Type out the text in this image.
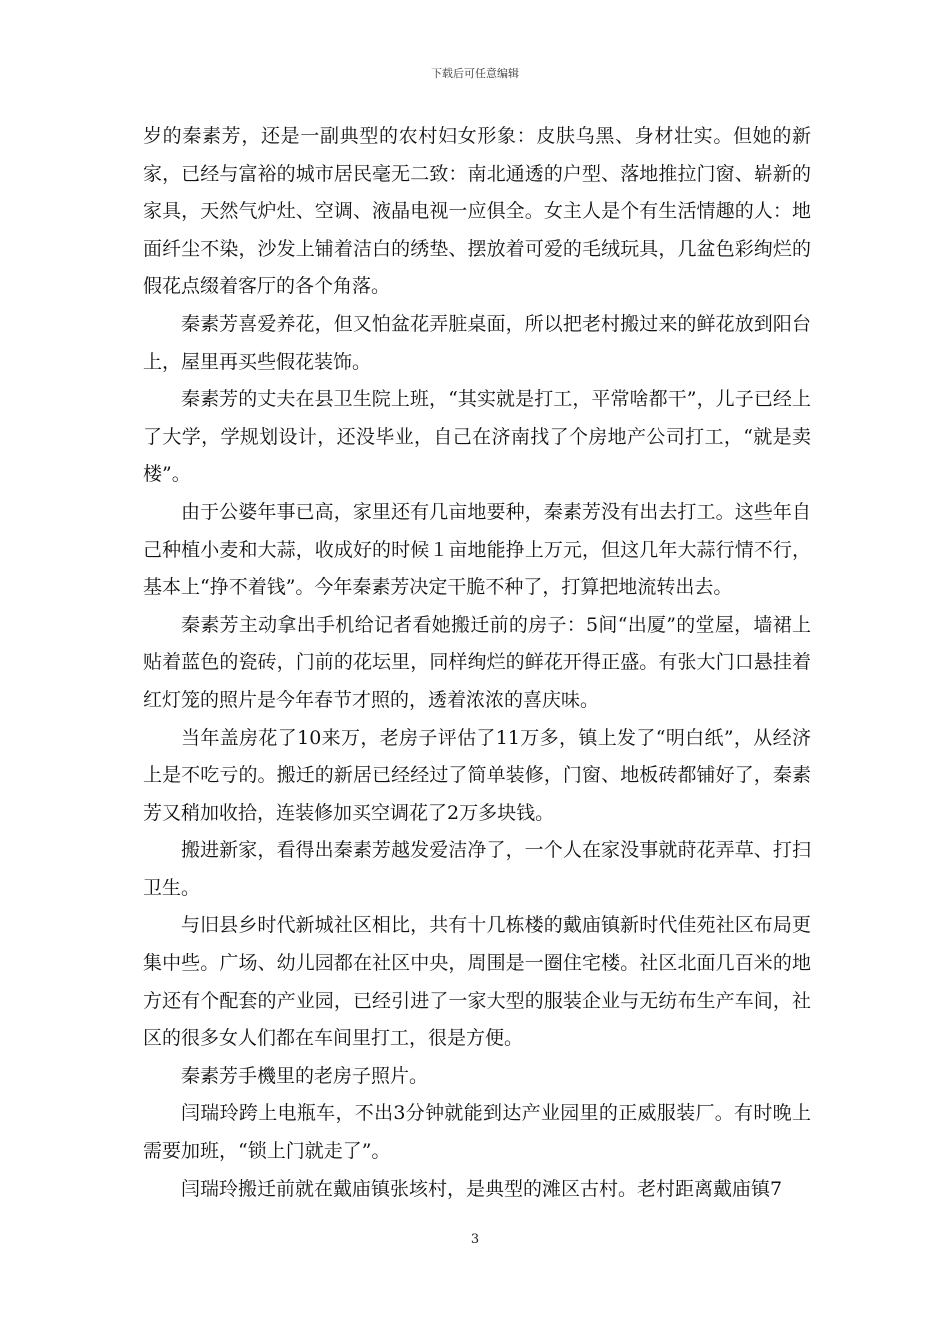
下载后可任意编辑

岁的秦素芳，还是一副典型的农村妇女形象：皮肤乌黑、身材壮实。但她的新家，已经与富裕的城市居民毫无二致：南北通透的户型、落地推拉门窗、崭新的家具，天然气炉灶、空调、液晶电视一应俱全。女主人是个有生活情趣的人：地面纤尘不染，沙发上铺着洁白的绣垫、摆放着可爱的毛绒玩具，几盆色彩绚烂的假花点缀着客厅的各个角落。

秦素芳喜爱养花，但又怕盆花弄脏桌面，所以把老村搬过来的鲜花放到阳台上，屋里再买些假花装饰。

秦素芳的丈夫在县卫生院上班，“其实就是打工，平常啥都干”，儿子已经上了大学，学规划设计，还没毕业，自己在济南找了个房地产公司打工，“就是卖楼”。

由于公婆年事已高，家里还有几亩地要种，秦素芳没有出去打工。这些年自己种植小麦和大蒜，收成好的时候１亩地能挣上万元，但这几年大蒜行情不行，基本上“挣不着钱”。今年秦素芳决定干脆不种了，打算把地流转出去。

秦素芳主动拿出手机给记者看她搬迁前的房子：5间“出厦”的堂屋，墙裙上贴着蓝色的瓷砖，门前的花坛里，同样绚烂的鲜花开得正盛。有张大门口悬挂着红灯笼的照片是今年春节才照的，透着浓浓的喜庆味。

当年盖房花了10来万，老房子评估了11万多，镇上发了“明白纸”，从经济上是不吃亏的。搬迁的新居已经经过了简单装修，门窗、地板砖都铺好了，秦素芳又稍加收拾，连装修加买空调花了2万多块钱。

搬进新家，看得出秦素芳越发爱洁净了，一个人在家没事就莳花弄草、打扫卫生。

与旧县乡时代新城社区相比，共有十几栋楼的戴庙镇新时代佳苑社区布局更集中些。广场、幼儿园都在社区中央，周围是一圈住宅楼。社区北面几百米的地方还有个配套的产业园，已经引进了一家大型的服装企业与无纺布生产车间，社区的很多女人们都在车间里打工，很是方便。

秦素芳手機里的老房子照片。

闫瑞玲跨上电瓶车，不出3分钟就能到达产业园里的正威服装厂。有时晚上需要加班，“锁上门就走了”。

闫瑞玲搬迁前就在戴庙镇张垓村，是典型的滩区古村。老村距离戴庙镇7

3
